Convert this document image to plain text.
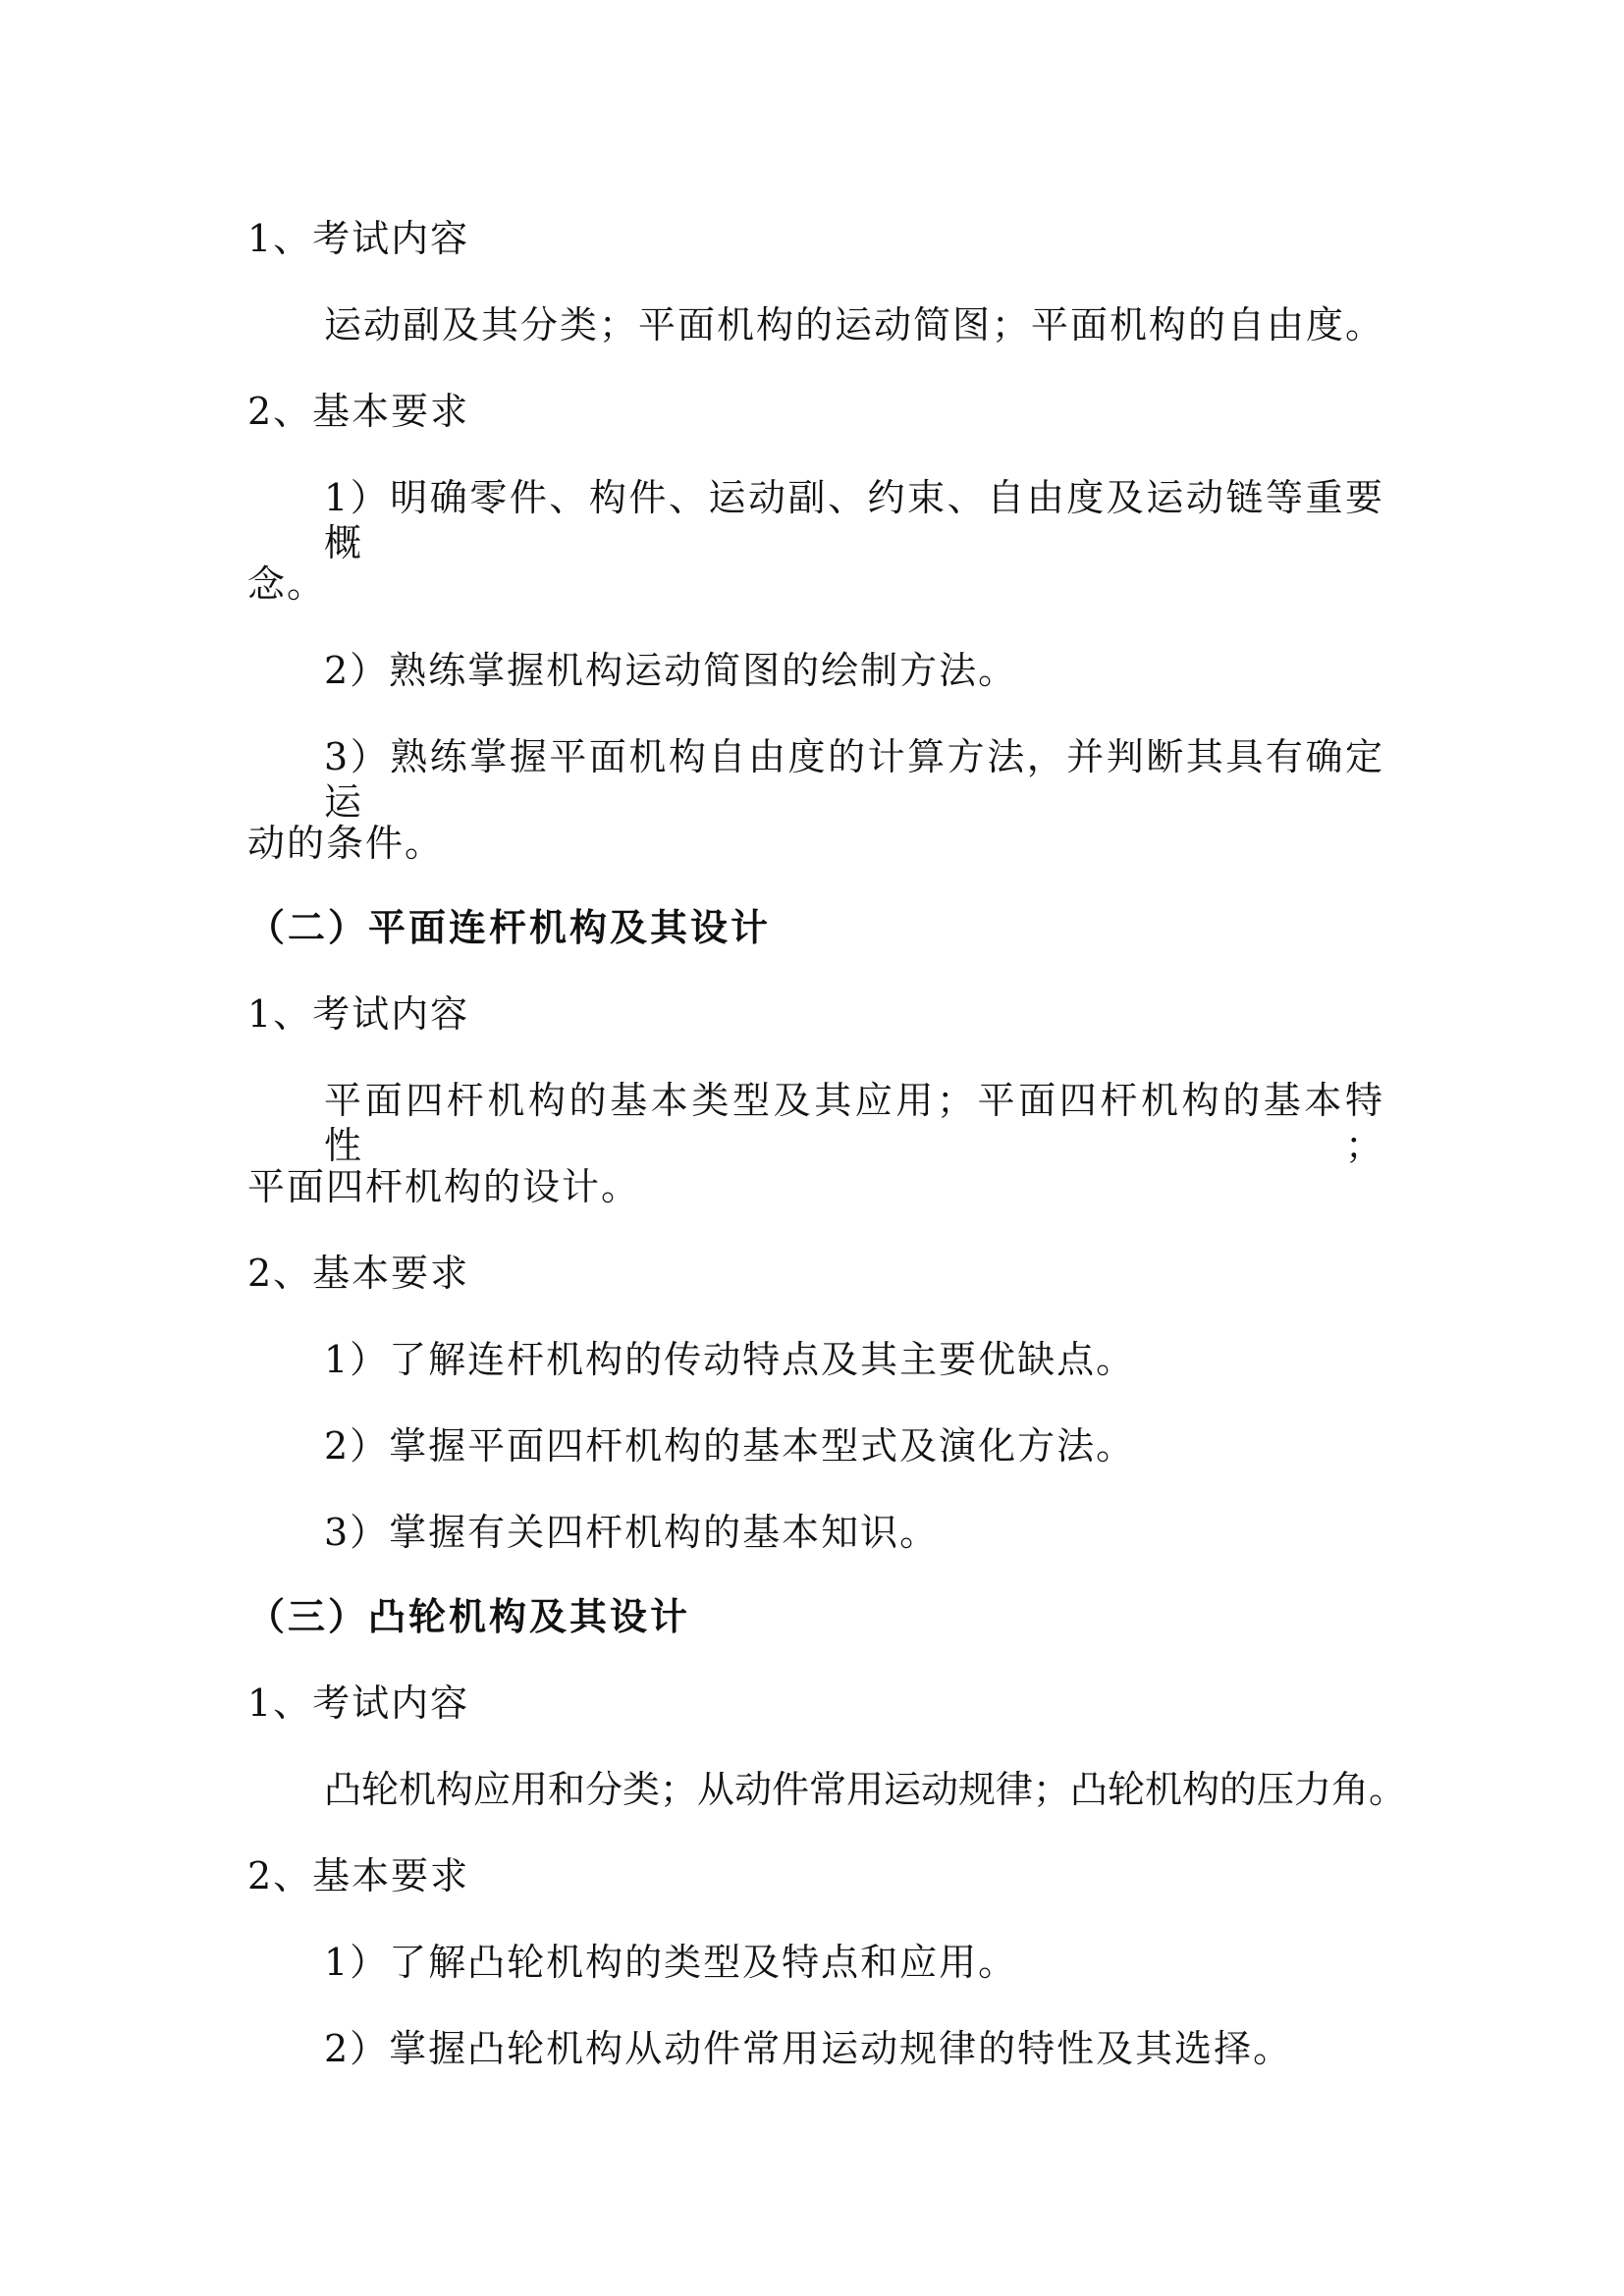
1、考试内容
运动副及其分类；平面机构的运动简图；平面机构的自由度。
2、基本要求
1）明确零件、构件、运动副、约束、自由度及运动链等重要概
念。
2）熟练掌握机构运动简图的绘制方法。
3）熟练掌握平面机构自由度的计算方法，并判断其具有确定运
动的条件。
（二）平面连杆机构及其设计
1、考试内容
平面四杆机构的基本类型及其应用；平面四杆机构的基本特性；
平面四杆机构的设计。
2、基本要求
1）了解连杆机构的传动特点及其主要优缺点。
2）掌握平面四杆机构的基本型式及演化方法。
3）掌握有关四杆机构的基本知识。
（三）凸轮机构及其设计
1、考试内容
凸轮机构应用和分类；从动件常用运动规律；凸轮机构的压力角。
2、基本要求
1）了解凸轮机构的类型及特点和应用。
2）掌握凸轮机构从动件常用运动规律的特性及其选择。
